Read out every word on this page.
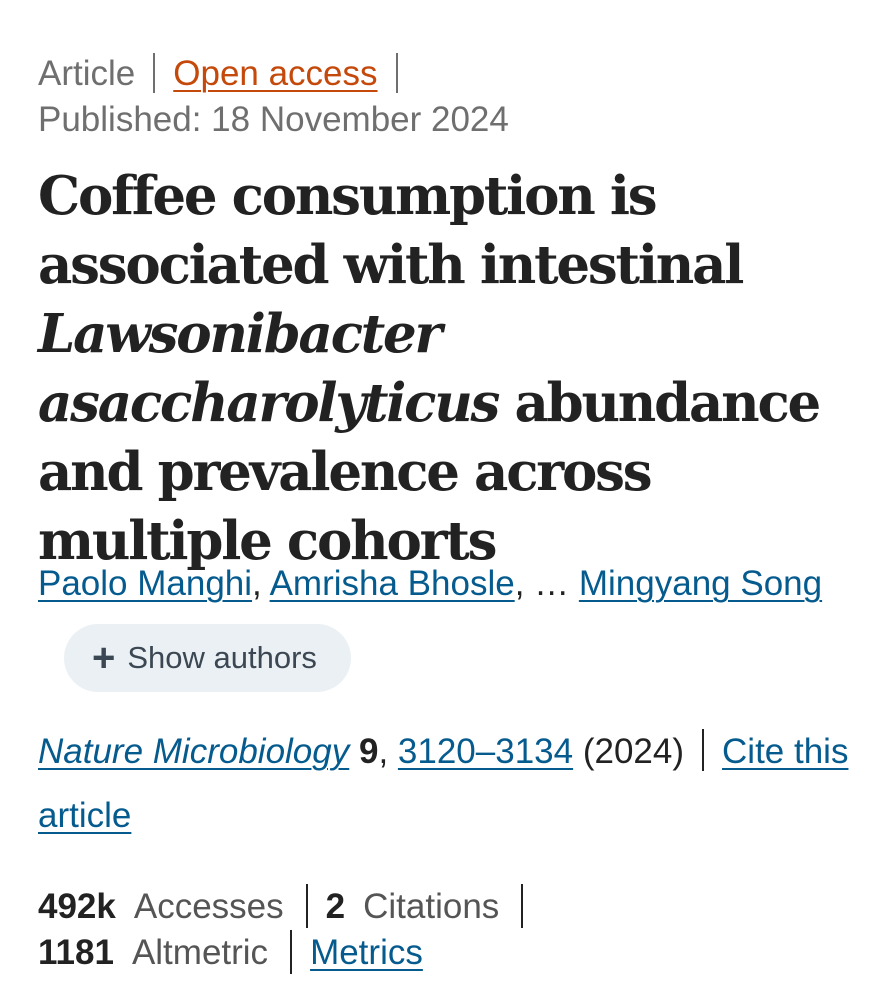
Article Open access
Published: 18 November 2024
Coffee consumption is associated with intestinal Lawsonibacter asaccharolyticus abundance and prevalence across multiple cohorts
Paolo Manghi, Amrisha Bhosle, … Mingyang Song
+ Show authors
Nature Microbiology 9, 3120–3134 (2024) Cite this article
492k Accesses 2 Citations
1181 Altmetric Metrics
